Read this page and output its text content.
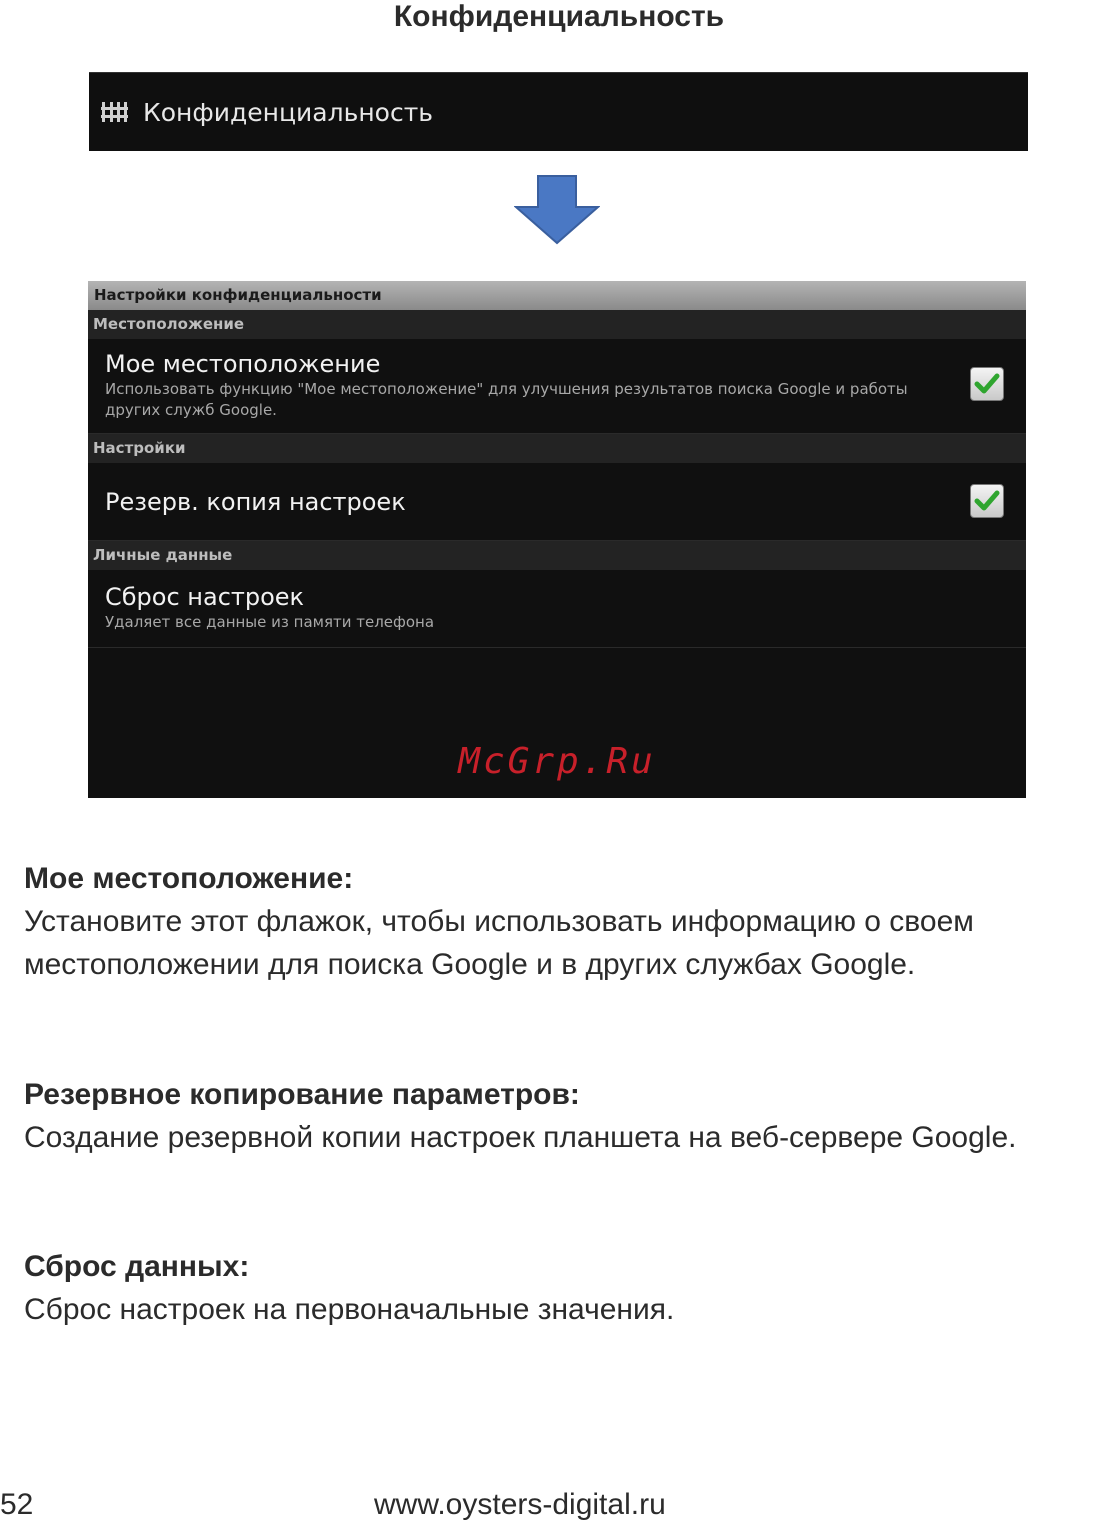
Конфиденциальность
Конфиденциальность
Настройки конфиденциальности
Местоположение
Мое местоположение
Использовать функцию "Мое местоположение" для улучшения результатов поиска Google и работы других служб Google.
Настройки
Резерв. копия настроек
Личные данные
Сброс настроек
Удаляет все данные из памяти телефона
McGrp.Ru
Мое местоположение:

Установите этот флажок, чтобы использовать информацию о своем местоположении для поиска Google и в других службах Google.

Резервное копирование параметров:

Создание резервной копии настроек планшета на веб-сервере Google.

Сброс данных:

Сброс настроек на первоначальные значения.

52	www.oysters-digital.ru
